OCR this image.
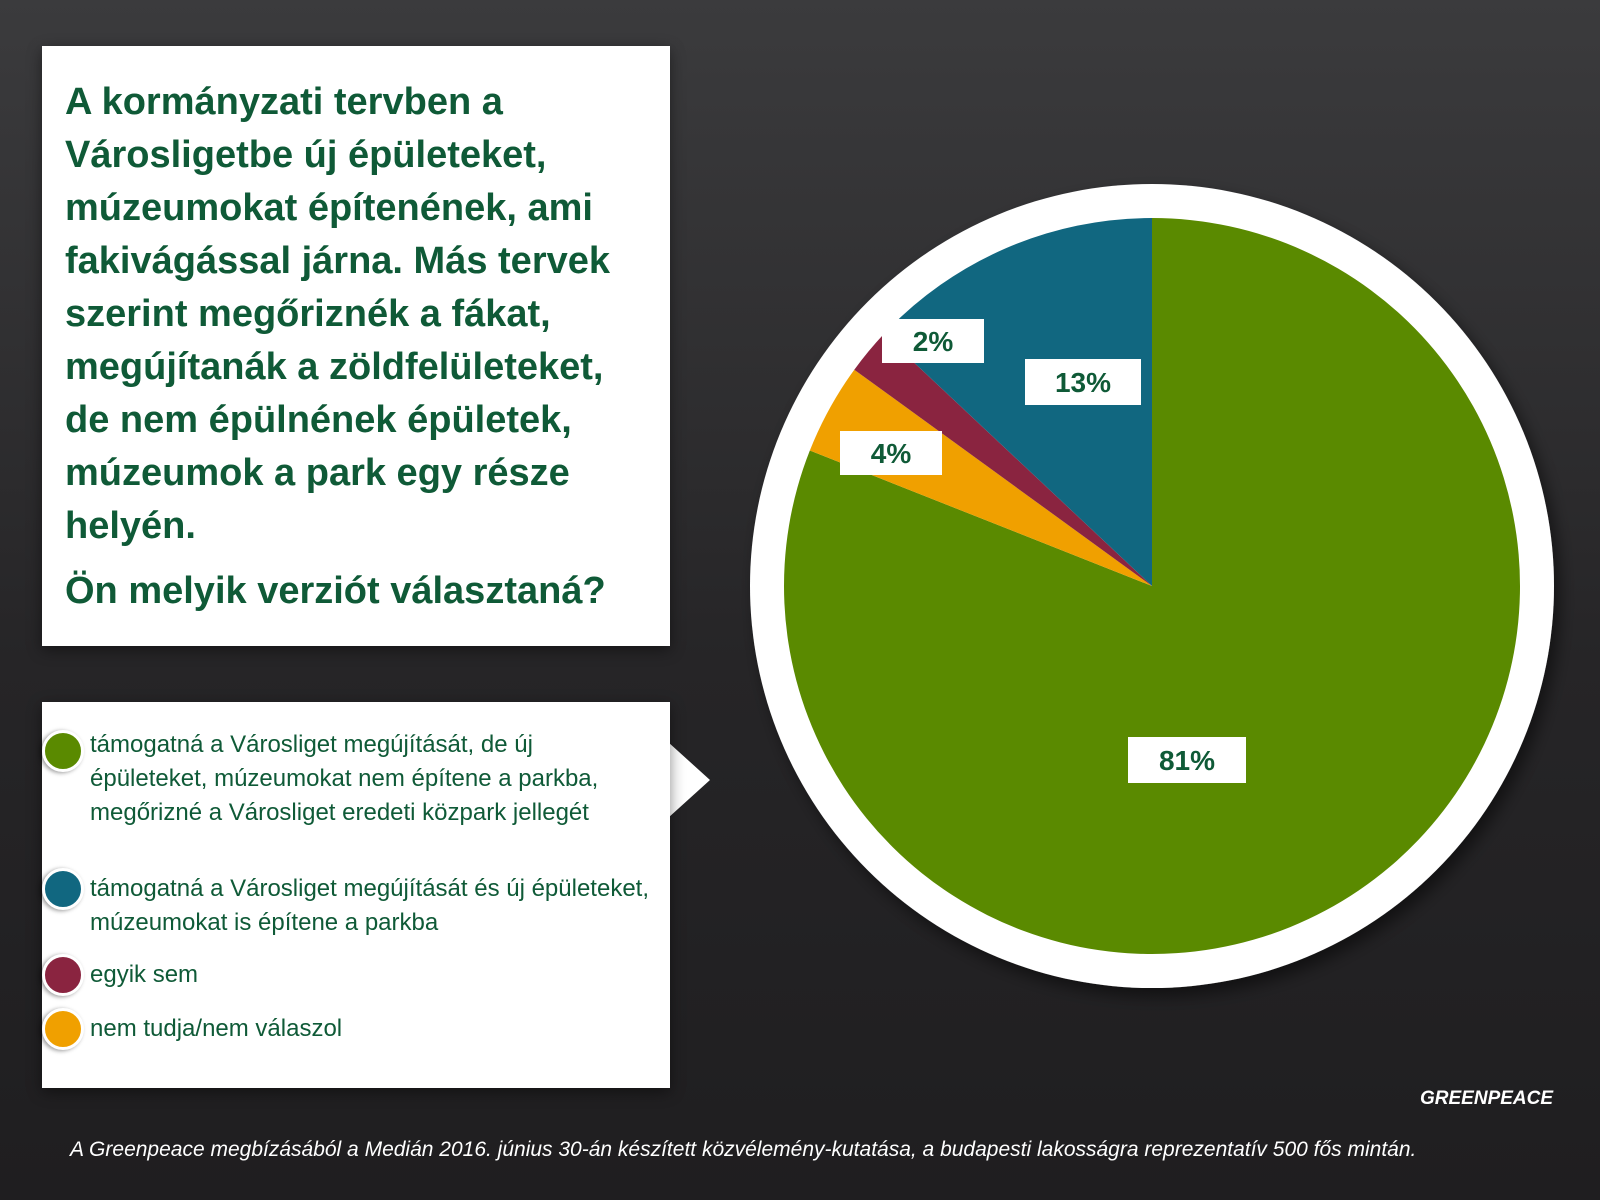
A kormányzati tervben a Városligetbe új épületeket, múzeumokat építenének, ami fakivágással járna. Más tervek szerint megőriznék a fákat, megújítanák a zöldfelületeket, de nem épülnének épületek, múzeumok a park egy része helyén.

Ön melyik verziót választaná?

támogatná a Városliget megújítását, de új épületeket, múzeumokat nem építene a parkba, megőrizné a Városliget eredeti közpark jellegét

támogatná a Városliget megújítását és új épületeket, múzeumokat is építene a parkba

egyik sem

nem tudja/nem válaszol

81%
4%
2%
13%
GREENPEACE

A Greenpeace megbízásából a Medián 2016. június 30-án készített közvélemény-kutatása, a budapesti lakosságra reprezentatív 500 fős mintán.
